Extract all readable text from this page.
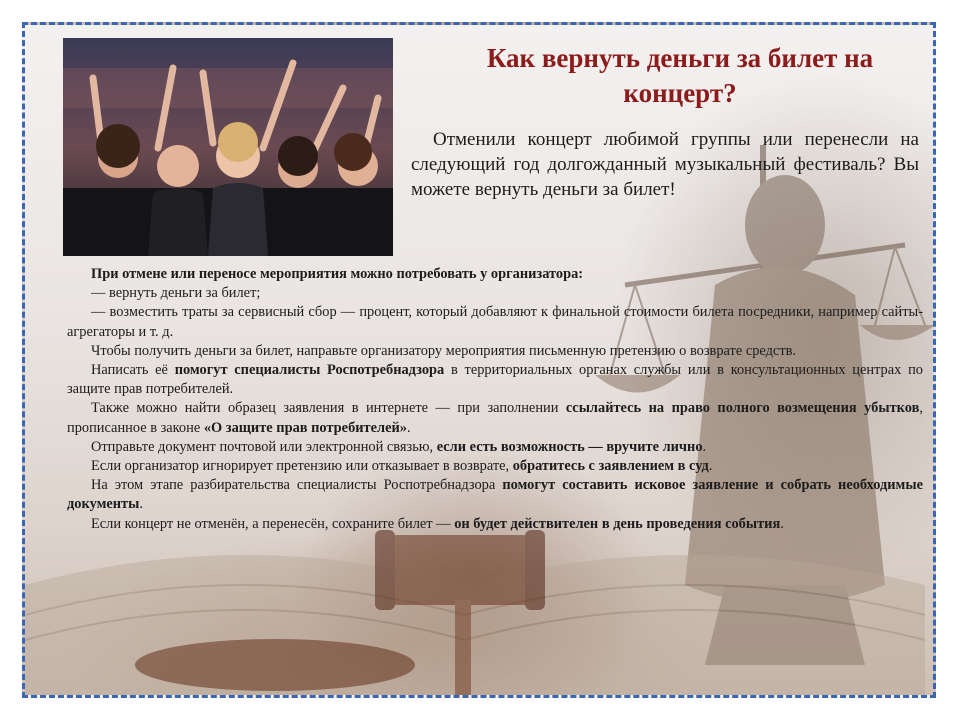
Как вернуть деньги за билет на концерт?

Отменили концерт любимой группы или перенесли на следующий год долгожданный музыкальный фестиваль? Вы можете вернуть деньги за билет!

При отмене или переносе мероприятия можно потребовать у организатора:

— вернуть деньги за билет;

— возместить траты за сервисный сбор — процент, который добавляют к финальной стоимости билета посредники, например сайты-агрегаторы и т. д.

Чтобы получить деньги за билет, направьте организатору мероприятия письменную претензию о возврате средств.

Написать её помогут специалисты Роспотребнадзора в территориальных органах службы или в консультационных центрах по защите прав потребителей.

Также можно найти образец заявления в интернете — при заполнении ссылайтесь на право полного возмещения убытков, прописанное в законе «О защите прав потребителей».

Отправьте документ почтовой или электронной связью, если есть возможность — вручите лично.

Если организатор игнорирует претензию или отказывает в возврате, обратитесь с заявлением в суд.

На этом этапе разбирательства специалисты Роспотребнадзора помогут составить исковое заявление и собрать необходимые документы.

Если концерт не отменён, а перенесён, сохраните билет — он будет действителен в день проведения события.
